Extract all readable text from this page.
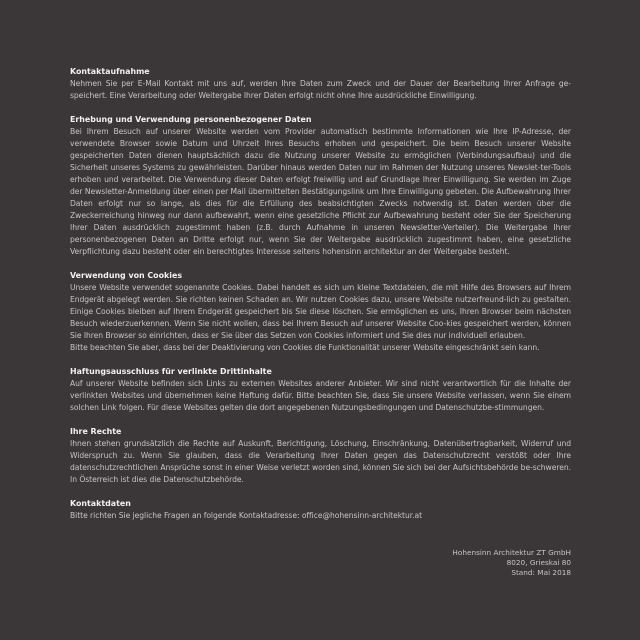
Kontaktaufnahme

Nehmen Sie per E-Mail Kontakt mit uns auf, werden Ihre Daten zum Zweck und der Dauer der Bearbeitung Ihrer Anfrage ge-speichert. Eine Verarbeitung oder Weitergabe Ihrer Daten erfolgt nicht ohne Ihre ausdrückliche Einwilligung.

Erhebung und Verwendung personenbezogener Daten

Bei Ihrem Besuch auf unserer Website werden vom Provider automatisch bestimmte Informationen wie Ihre IP-Adresse, der verwendete Browser sowie Datum und Uhrzeit Ihres Besuchs erhoben und gespeichert. Die beim Besuch unserer Website gespeicherten Daten dienen hauptsächlich dazu die Nutzung unserer Website zu ermöglichen (Verbindungsaufbau) und die Sicherheit unseres Systems zu gewährleisten. Darüber hinaus werden Daten nur im Rahmen der Nutzung unseres Newslet-ter-Tools erhoben und verarbeitet. Die Verwendung dieser Daten erfolgt freiwillig und auf Grundlage Ihrer Einwilligung. Sie werden im Zuge der Newsletter-Anmeldung über einen per Mail übermittelten Bestätigungslink um Ihre Einwilligung gebeten. Die Aufbewahrung Ihrer Daten erfolgt nur so lange, als dies für die Erfüllung des beabsichtigten Zwecks notwendig ist. Daten werden über die Zweckerreichung hinweg nur dann aufbewahrt, wenn eine gesetzliche Pflicht zur Aufbewahrung besteht oder Sie der Speicherung Ihrer Daten ausdrücklich zugestimmt haben (z.B. durch Aufnahme in unseren Newsletter-Verteiler). Die Weitergabe Ihrer personenbezogenen Daten an Dritte erfolgt nur, wenn Sie der Weitergabe ausdrücklich zugestimmt haben, eine gesetzliche Verpflichtung dazu besteht oder ein berechtigtes Interesse seitens hohensinn architektur an der Weitergabe besteht.

Verwendung von Cookies

Unsere Website verwendet sogenannte Cookies. Dabei handelt es sich um kleine Textdateien, die mit Hilfe des Browsers auf Ihrem Endgerät abgelegt werden. Sie richten keinen Schaden an. Wir nutzen Cookies dazu, unsere Website nutzerfreund-lich zu gestalten. Einige Cookies bleiben auf Ihrem Endgerät gespeichert bis Sie diese löschen. Sie ermöglichen es uns, Ihren Browser beim nächsten Besuch wiederzuerkennen. Wenn Sie nicht wollen, dass bei Ihrem Besuch auf unserer Website Coo-kies gespeichert werden, können Sie Ihren Browser so einrichten, dass er Sie über das Setzen von Cookies informiert und Sie dies nur individuell erlauben.

Bitte beachten Sie aber, dass bei der Deaktivierung von Cookies die Funktionalität unserer Website eingeschränkt sein kann.

Haftungsausschluss für verlinkte Drittinhalte

Auf unserer Website befinden sich Links zu externen Websites anderer Anbieter. Wir sind nicht verantwortlich für die Inhalte der verlinkten Websites und übernehmen keine Haftung dafür. Bitte beachten Sie, dass Sie unsere Website verlassen, wenn Sie einem solchen Link folgen. Für diese Websites gelten die dort angegebenen Nutzungsbedingungen und Datenschutzbe-stimmungen.

Ihre Rechte

Ihnen stehen grundsätzlich die Rechte auf Auskunft, Berichtigung, Löschung, Einschränkung, Datenübertragbarkeit, Widerruf und Widerspruch zu. Wenn Sie glauben, dass die Verarbeitung Ihrer Daten gegen das Datenschutzrecht verstößt oder Ihre datenschutzrechtlichen Ansprüche sonst in einer Weise verletzt worden sind, können Sie sich bei der Aufsichtsbehörde be-schweren. In Österreich ist dies die Datenschutzbehörde.

Kontaktdaten

Bitte richten Sie jegliche Fragen an folgende Kontaktadresse: office@hohensinn-architektur.at

Hohensinn Architektur ZT GmbH
8020, Grieskai 80
Stand: Mai 2018
